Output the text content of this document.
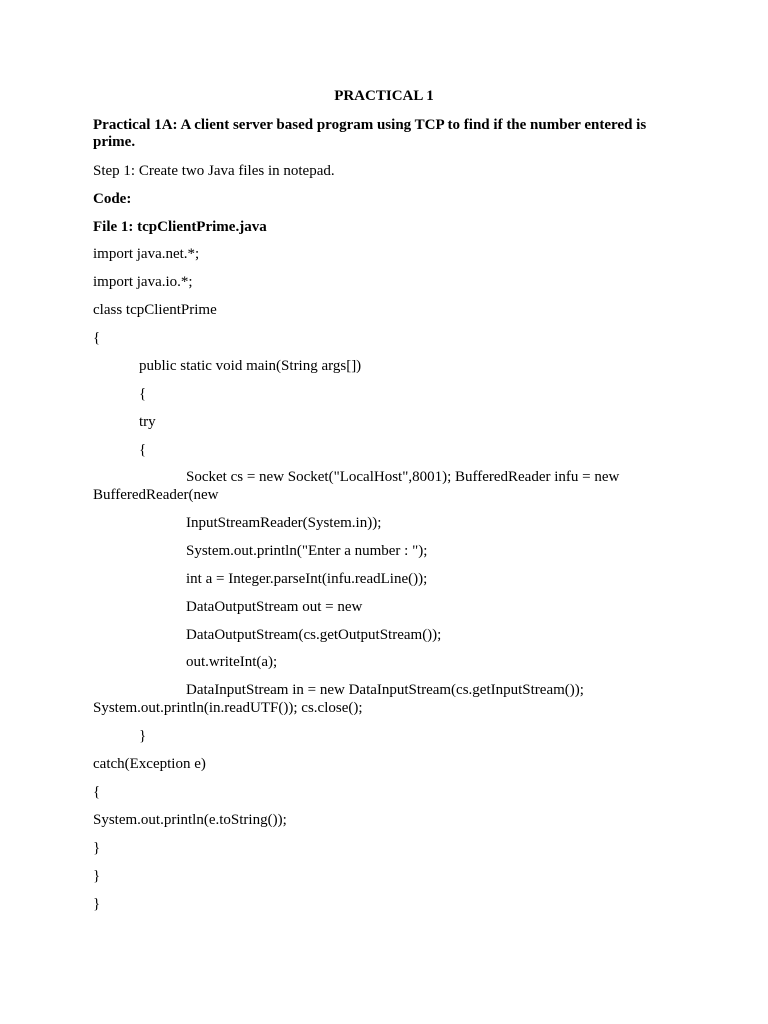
PRACTICAL 1
Practical 1A: A client server based program using TCP to find if the number entered is prime.
Step 1: Create two Java files in notepad.
Code:
File 1: tcpClientPrime.java
import java.net.*;
import java.io.*;
class tcpClientPrime
{
public static void main(String args[])
{
try
{
Socket cs = new Socket("LocalHost",8001); BufferedReader infu = new BufferedReader(new
InputStreamReader(System.in));
System.out.println("Enter a number : ");
int a = Integer.parseInt(infu.readLine());
DataOutputStream out = new
DataOutputStream(cs.getOutputStream());
out.writeInt(a);
DataInputStream in = new DataInputStream(cs.getInputStream()); System.out.println(in.readUTF()); cs.close();
}
catch(Exception e)
{
System.out.println(e.toString());
}
}
}
